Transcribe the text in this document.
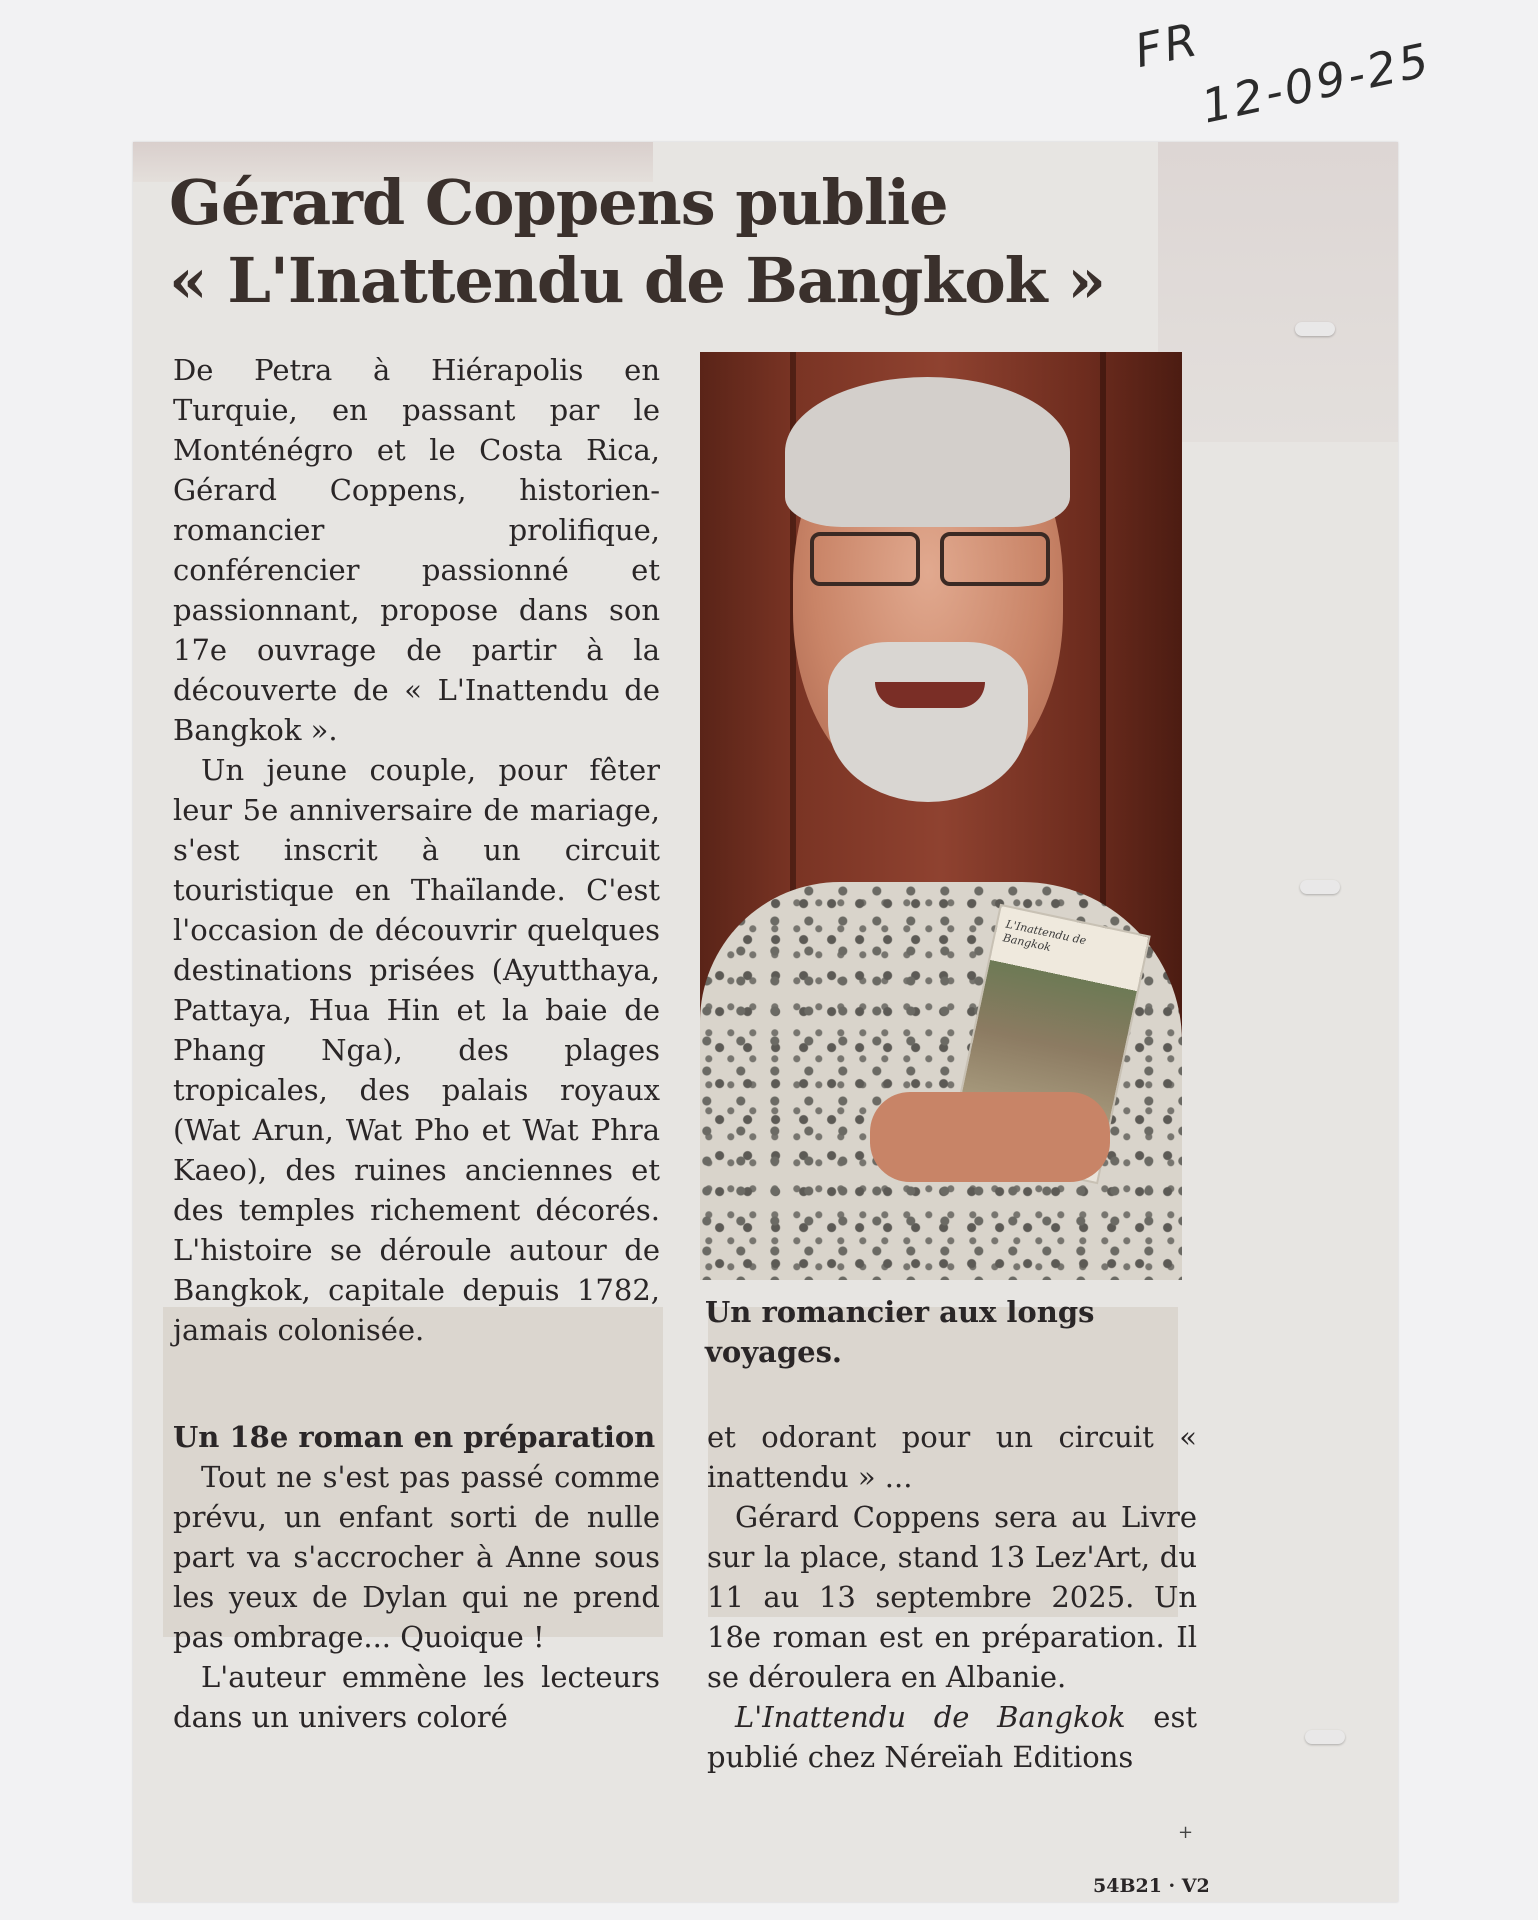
FR
12-09-25
Gérard Coppens publie
« L'Inattendu de Bangkok »

De Petra à Hiérapolis en Turquie, en passant par le Monténégro et le Costa Rica, Gérard Coppens, historien-romancier prolifique, conférencier passionné et passionnant, propose dans son 17e ouvrage de partir à la découverte de « L'Inattendu de Bangkok ».

Un jeune couple, pour fêter leur 5e anniversaire de mariage, s'est inscrit à un circuit touristique en Thaïlande. C'est l'occasion de découvrir quelques destinations prisées (Ayutthaya, Pattaya, Hua Hin et la baie de Phang Nga), des plages tropicales, des palais royaux (Wat Arun, Wat Pho et Wat Phra Kaeo), des ruines anciennes et des temples richement décorés. L'histoire se déroule autour de Bangkok, capitale depuis 1782, jamais colonisée.

L'Inattendu de Bangkok
Un romancier aux longs voyages.

Un 18e roman en préparation

Tout ne s'est pas passé comme prévu, un enfant sorti de nulle part va s'accrocher à Anne sous les yeux de Dylan qui ne prend pas ombrage... Quoique !

L'auteur emmène les lecteurs dans un univers coloré

et odorant pour un circuit « inattendu » ...

Gérard Coppens sera au Livre sur la place, stand 13 Lez'Art, du 11 au 13 septembre 2025. Un 18e roman est en préparation. Il se déroulera en Albanie.

L'Inattendu de Bangkok est publié chez Néreïah Editions

+
54B21 · V2
